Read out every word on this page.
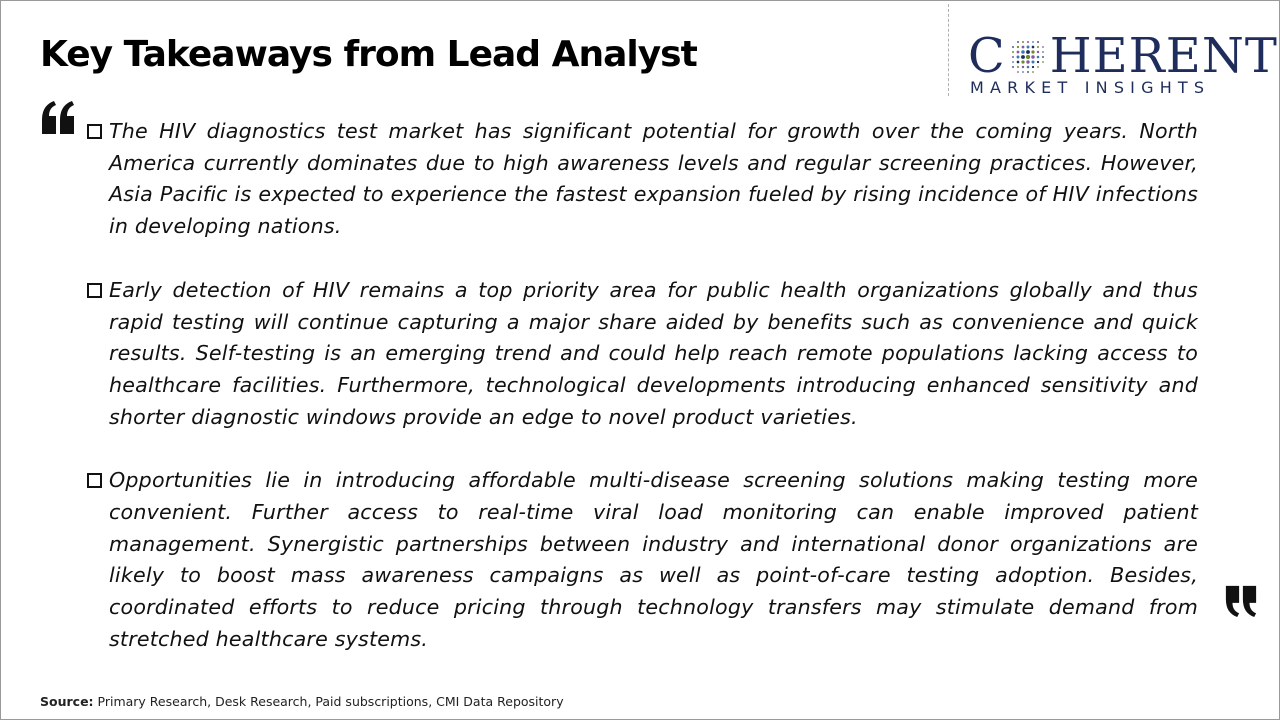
Key Takeaways from Lead Analyst	C HERENT
MARKET INSIGHTS

The HIV diagnostics test market has significant potential for growth over the coming years. North America currently dominates due to high awareness levels and regular screening practices. However, Asia Pacific is expected to experience the fastest expansion fueled by rising incidence of HIV infections in developing nations.

Early detection of HIV remains a top priority area for public health organizations globally and thus rapid testing will continue capturing a major share aided by benefits such as convenience and quick results. Self-testing is an emerging trend and could help reach remote populations lacking access to healthcare facilities. Furthermore, technological developments introducing enhanced sensitivity and shorter diagnostic windows provide an edge to novel product varieties.

Opportunities lie in introducing affordable multi-disease screening solutions making testing more convenient. Further access to real-time viral load monitoring can enable improved patient management. Synergistic partnerships between industry and international donor organizations are likely to boost mass awareness campaigns as well as point-of-care testing adoption. Besides, coordinated efforts to reduce pricing through technology transfers may stimulate demand from stretched healthcare systems.

Source: Primary Research, Desk Research, Paid subscriptions, CMI Data Repository
